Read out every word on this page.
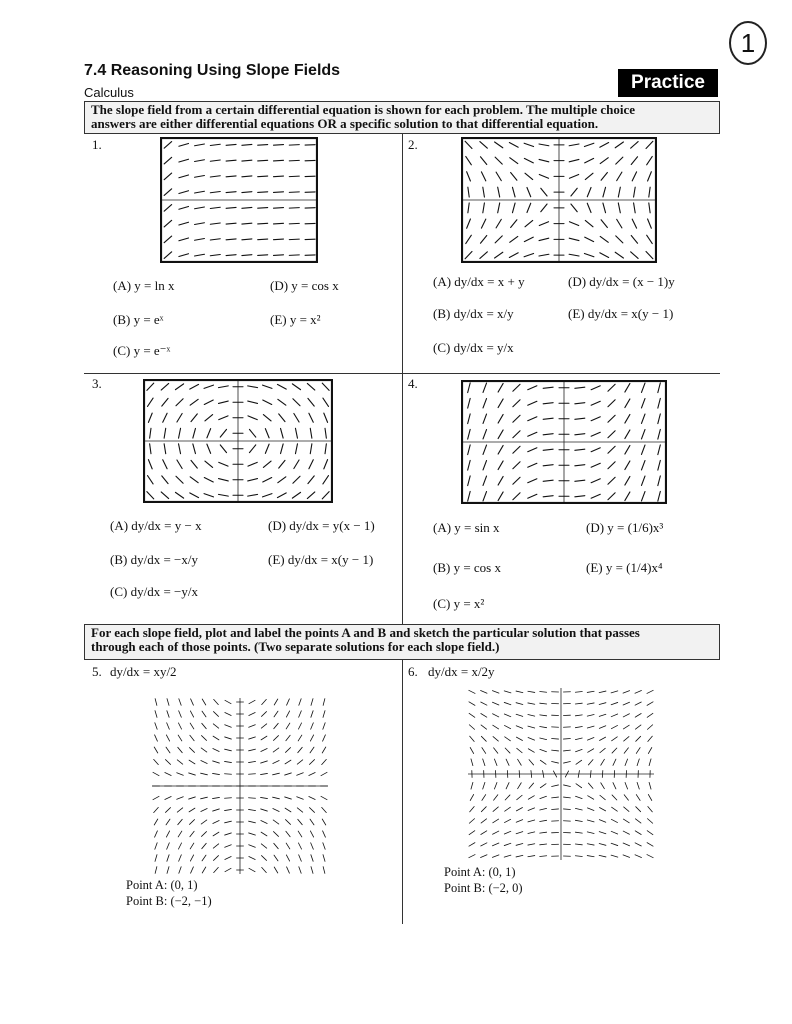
1
7.4 Reasoning Using Slope Fields
Calculus	Practice
The slope field from a certain differential equation is shown for each problem. The multiple choice
answers are either differential equations OR a specific solution to that differential equation.
1.
(A) y = ln x	(D) y = cos x
(B) y = eˣ	(E) y = x²
(C) y = e⁻ˣ
2.
(A) dy/dx = x + y	(D) dy/dx = (x − 1)y
(B) dy/dx = x/y	(E) dy/dx = x(y − 1)
(C) dy/dx = y/x
3.
(A) dy/dx = y − x	(D) dy/dx = y(x − 1)
(B) dy/dx = −x/y	(E) dy/dx = x(y − 1)
(C) dy/dx = −y/x
4.
(A) y = sin x	(D) y = (1/6)x³
(B) y = cos x	(E) y = (1/4)x⁴
(C) y = x²
For each slope field, plot and label the points A and B and sketch the particular solution that passes
through each of those points. (Two separate solutions for each slope field.)
5. dy/dx = xy/2
Point A: (0, 1)
Point B: (−2, −1)
6. dy/dx = x/2y
Point A: (0, 1)
Point B: (−2, 0)
